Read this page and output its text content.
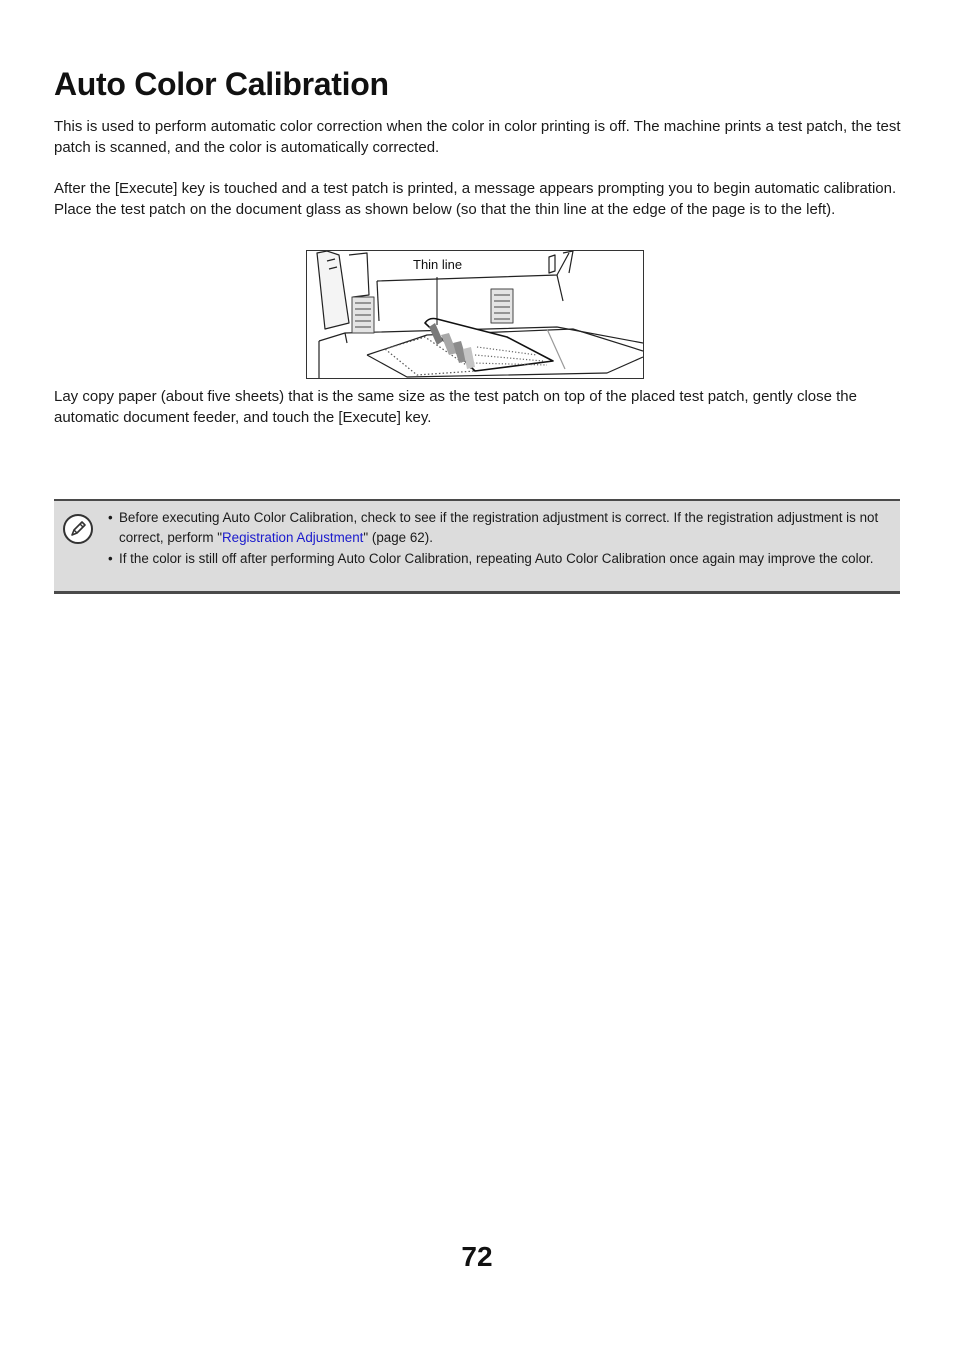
Auto Color Calibration

This is used to perform automatic color correction when the color in color printing is off. The machine prints a test patch, the test patch is scanned, and the color is automatically corrected.

After the [Execute] key is touched and a test patch is printed, a message appears prompting you to begin automatic calibration. Place the test patch on the document glass as shown below (so that the thin line at the edge of the page is to the left).

Thin line

Lay copy paper (about five sheets) that is the same size as the test patch on top of the placed test patch, gently close the automatic document feeder, and touch the [Execute] key.

• Before executing Auto Color Calibration, check to see if the registration adjustment is correct. If the registration adjustment is not correct, perform "Registration Adjustment" (page 62).
• If the color is still off after performing Auto Color Calibration, repeating Auto Color Calibration once again may improve the color.
72
